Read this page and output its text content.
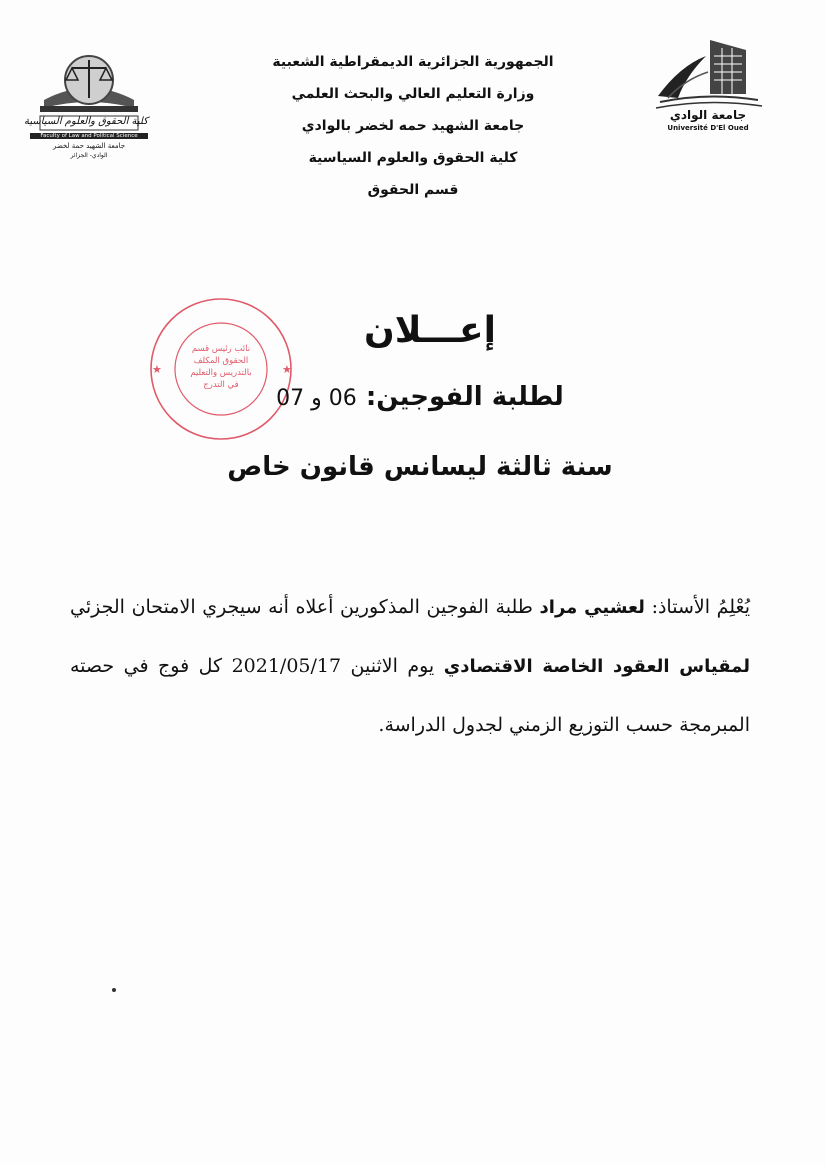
كلية الحقوق والعلوم السياسية
Faculty of Law and Political Science
جامعة الشهيد حمة لخضر
الوادي- الجزائر
جامعة الوادي
Université D'El Oued
الجمهورية الجزائرية الديمقراطية الشعبية
وزارة التعليم العالي والبحث العلمي
جامعة الشهيد حمه لخضر بالوادي
كلية الحقوق والعلوم السياسية
قسم الحقوق
★	★
نائب رئيس قسم
الحقوق المكلف
بالتدريس والتعليم
في التدرج
إعـــلان
لطلبة الفوجين: 06 و 07
سنة ثالثة ليسانس قانون خاص
يُعْلِمُ الأستاذ: لعشيي مراد طلبة الفوجين المذكورين أعلاه أنه سيجري الامتحان الجزئي لمقياس العقود الخاصة الاقتصادي يوم الاثنين 2021/05/17 كل فوج في حصته المبرمجة حسب التوزيع الزمني لجدول الدراسة.
